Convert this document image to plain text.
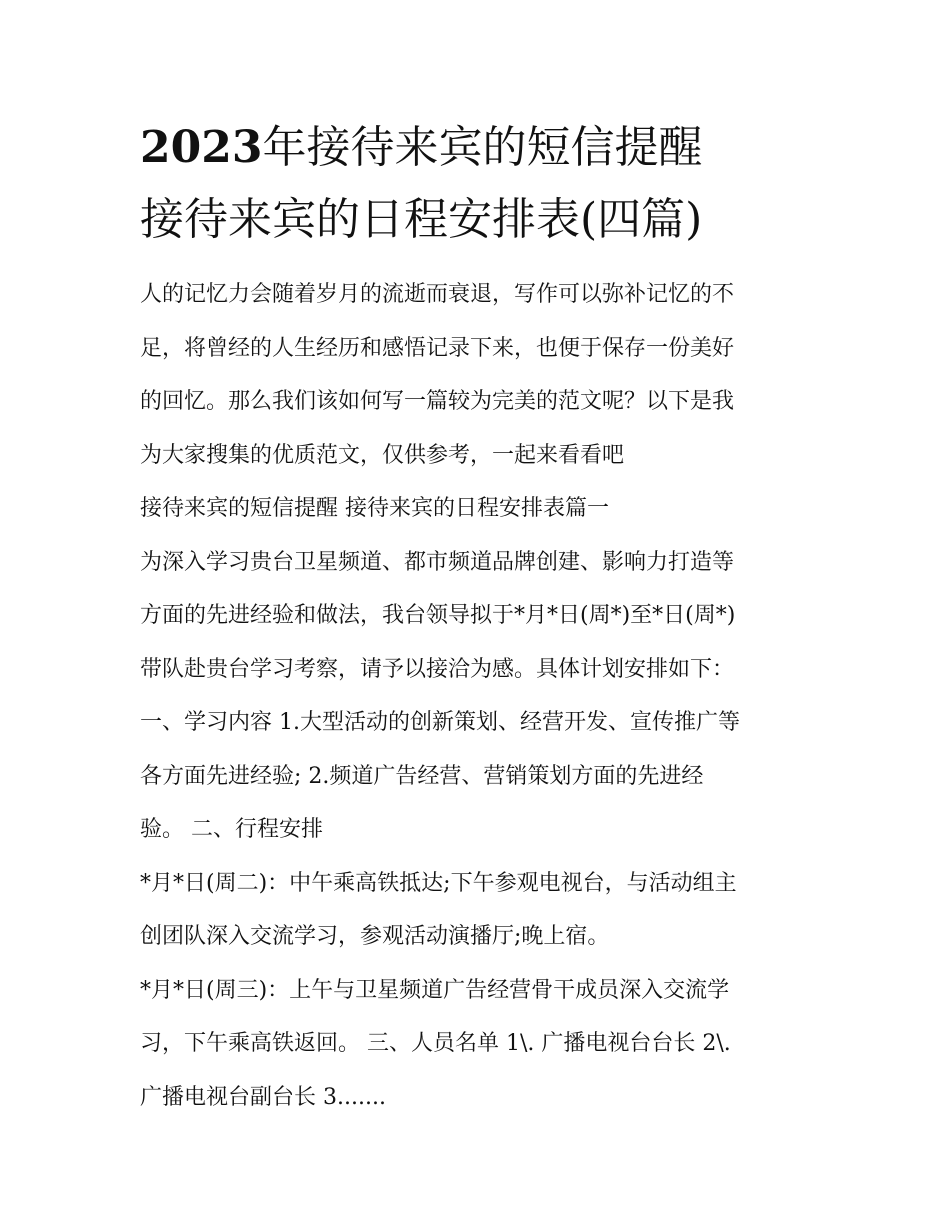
2023年接待来宾的短信提醒
接待来宾的日程安排表(四篇)

人的记忆力会随着岁月的流逝而衰退，写作可以弥补记忆的不
足，将曾经的人生经历和感悟记录下来，也便于保存一份美好
的回忆。那么我们该如何写一篇较为完美的范文呢？以下是我
为大家搜集的优质范文，仅供参考，一起来看看吧

接待来宾的短信提醒 接待来宾的日程安排表篇一

为深入学习贵台卫星频道、都市频道品牌创建、影响力打造等
方面的先进经验和做法，我台领导拟于*月*日(周*)至*日(周*)
带队赴贵台学习考察，请予以接洽为感。具体计划安排如下：
一、学习内容 1.大型活动的创新策划、经营开发、宣传推广等
各方面先进经验; 2.频道广告经营、营销策划方面的先进经
验。 二、行程安排

*月*日(周二)：中午乘高铁抵达;下午参观电视台，与活动组主
创团队深入交流学习，参观活动演播厅;晚上宿。

*月*日(周三)：上午与卫星频道广告经营骨干成员深入交流学
习，下午乘高铁返回。 三、人员名单 1\. 广播电视台台长 2\.
广播电视台副台长 3.......
